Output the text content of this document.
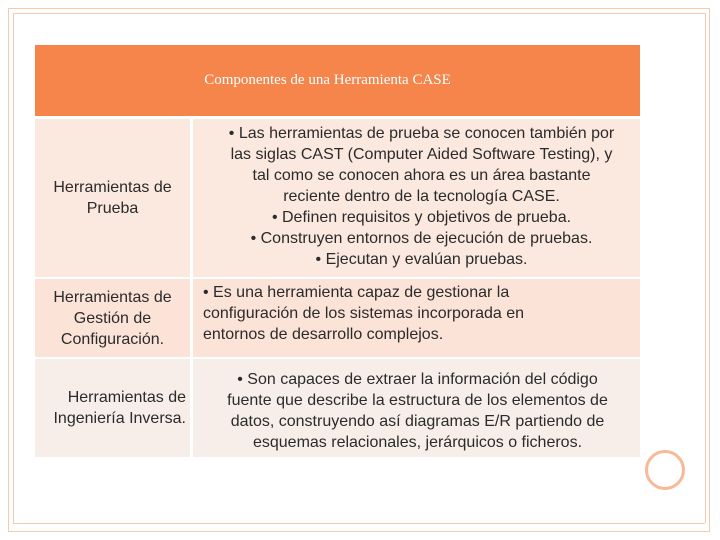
Componentes de una Herramienta CASE
Herramientas de
Prueba
• Las herramientas de prueba se conocen también por
las siglas CAST (Computer Aided Software Testing), y
tal como se conocen ahora es un área bastante
reciente dentro de la tecnología CASE.
• Definen requisitos y objetivos de prueba.
• Construyen entornos de ejecución de pruebas.
• Ejecutan y evalúan pruebas.
Herramientas de
Gestión de
Configuración.
• Es una herramienta capaz de gestionar la
configuración de los sistemas incorporada en
entornos de desarrollo complejos.
Herramientas de
Ingeniería Inversa.
• Son capaces de extraer la información del código
fuente que describe la estructura de los elementos de
datos, construyendo así diagramas E/R partiendo de
esquemas relacionales, jerárquicos o ficheros.
